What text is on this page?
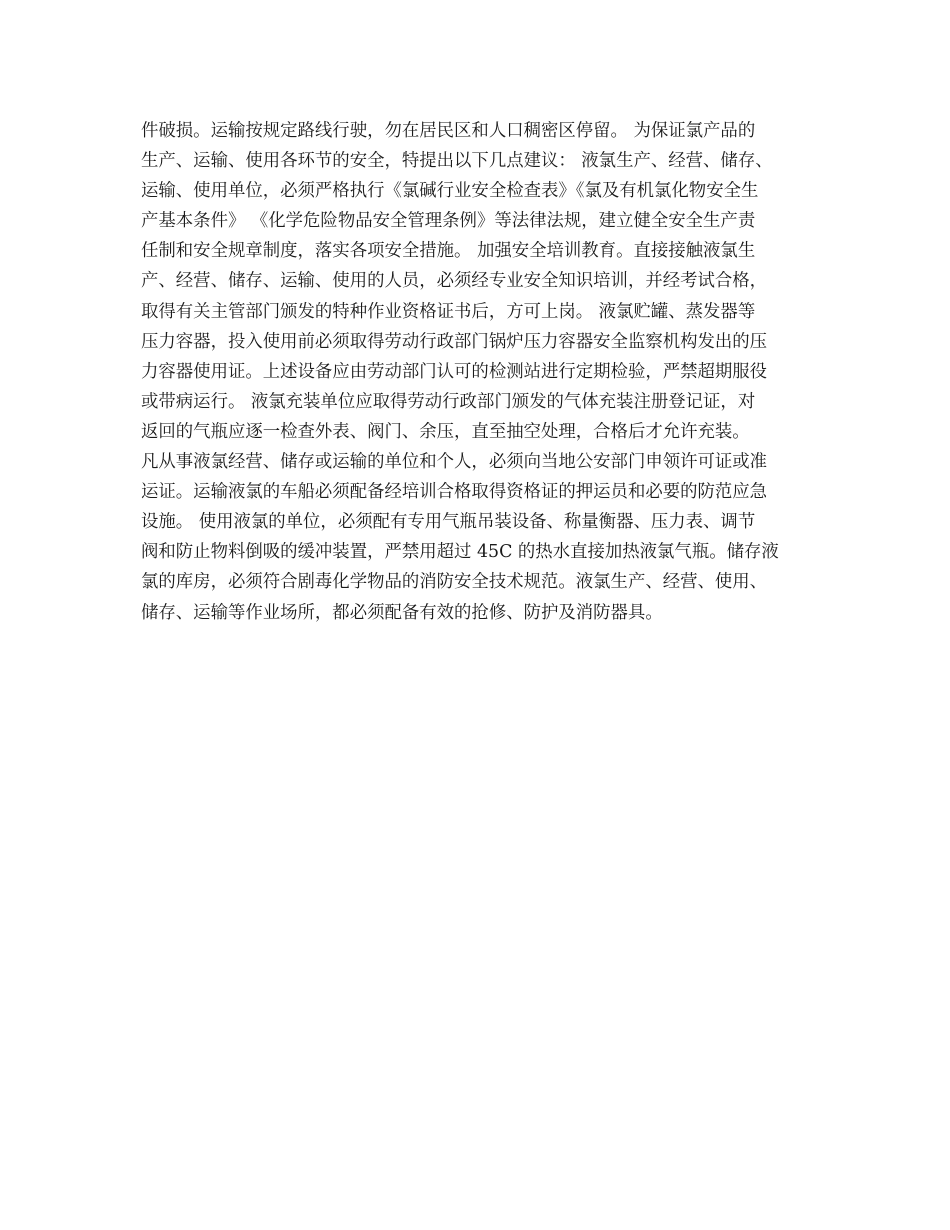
件破损。运输按规定路线行驶，勿在居民区和人口稠密区停留。 为保证氯产品的
生产、运输、使用各环节的安全，特提出以下几点建议： 液氯生产、经营、储存、
运输、使用单位，必须严格执行《氯碱行业安全检查表》《氯及有机氯化物安全生
产基本条件》 《化学危险物品安全管理条例》等法律法规，建立健全安全生产责
任制和安全规章制度，落实各项安全措施。 加强安全培训教育。直接接触液氯生
产、经营、储存、运输、使用的人员，必须经专业安全知识培训，并经考试合格，
取得有关主管部门颁发的特种作业资格证书后，方可上岗。 液氯贮罐、蒸发器等
压力容器，投入使用前必须取得劳动行政部门锅炉压力容器安全监察机构发出的压
力容器使用证。上述设备应由劳动部门认可的检测站进行定期检验，严禁超期服役
或带病运行。 液氯充装单位应取得劳动行政部门颁发的气体充装注册登记证，对
返回的气瓶应逐一检查外表、阀门、余压，直至抽空处理，合格后才允许充装。
凡从事液氯经营、储存或运输的单位和个人，必须向当地公安部门申领许可证或准
运证。运输液氯的车船必须配备经培训合格取得资格证的押运员和必要的防范应急
设施。 使用液氯的单位，必须配有专用气瓶吊装设备、称量衡器、压力表、调节
阀和防止物料倒吸的缓冲装置，严禁用超过 45C 的热水直接加热液氯气瓶。储存液
氯的库房，必须符合剧毒化学物品的消防安全技术规范。液氯生产、经营、使用、
储存、运输等作业场所，都必须配备有效的抢修、防护及消防器具。
